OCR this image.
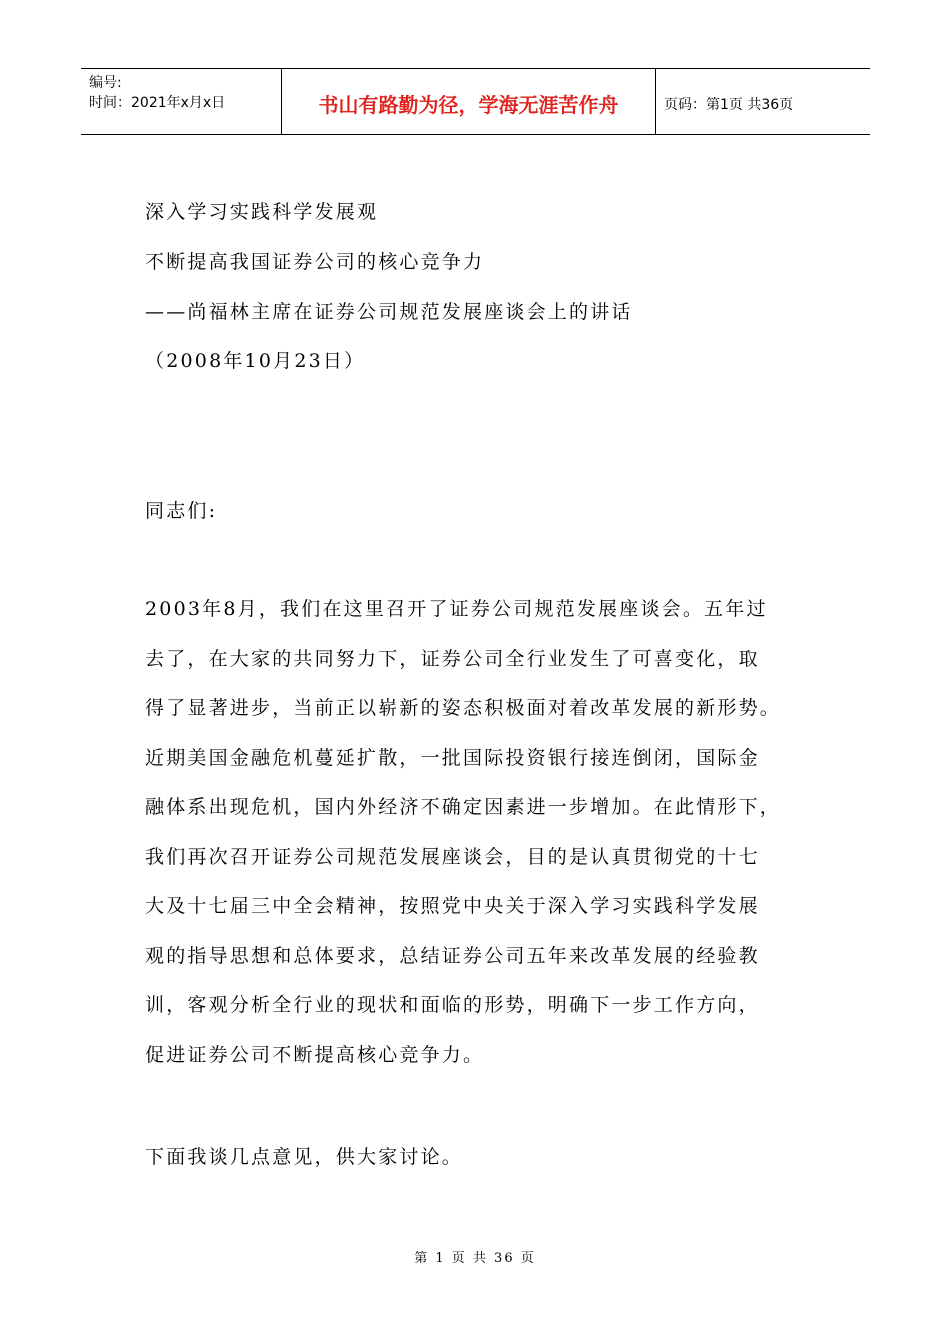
编号:
时间：2021年x月x日	书山有路勤为径，学海无涯苦作舟	页码：第1页 共36页
深入学习实践科学发展观
不断提高我国证券公司的核心竞争力
——尚福林主席在证券公司规范发展座谈会上的讲话
（2008年10月23日）
同志们:
2003年8月，我们在这里召开了证券公司规范发展座谈会。五年过
去了，在大家的共同努力下，证券公司全行业发生了可喜变化，取
得了显著进步，当前正以崭新的姿态积极面对着改革发展的新形势。
近期美国金融危机蔓延扩散，一批国际投资银行接连倒闭，国际金
融体系出现危机，国内外经济不确定因素进一步增加。在此情形下，
我们再次召开证券公司规范发展座谈会，目的是认真贯彻党的十七
大及十七届三中全会精神，按照党中央关于深入学习实践科学发展
观的指导思想和总体要求，总结证券公司五年来改革发展的经验教
训，客观分析全行业的现状和面临的形势，明确下一步工作方向，
促进证券公司不断提高核心竞争力。
下面我谈几点意见，供大家讨论。
第 1 页 共 36 页
